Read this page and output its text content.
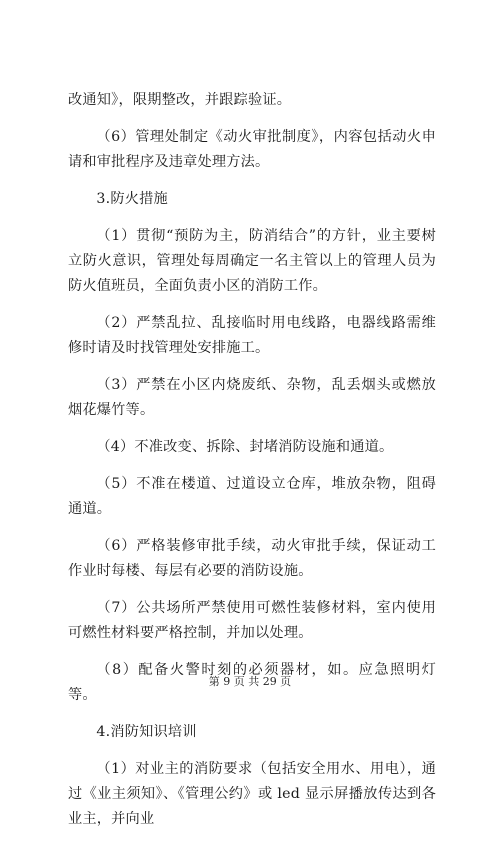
改通知》，限期整改，并跟踪验证。

（6）管理处制定《动火审批制度》，内容包括动火申请和审批程序及违章处理方法。

3.防火措施

（1）贯彻“预防为主，防消结合”的方针，业主要树立防火意识，管理处每周确定一名主管以上的管理人员为防火值班员，全面负责小区的消防工作。

（2）严禁乱拉、乱接临时用电线路，电器线路需维修时请及时找管理处安排施工。

（3）严禁在小区内烧废纸、杂物，乱丢烟头或燃放烟花爆竹等。

（4）不准改变、拆除、封堵消防设施和通道。

（5）不准在楼道、过道设立仓库，堆放杂物，阻碍通道。

（6）严格装修审批手续，动火审批手续，保证动工作业时每楼、每层有必要的消防设施。

（7）公共场所严禁使用可燃性装修材料，室内使用可燃性材料要严格控制，并加以处理。

（8）配备火警时刻的必须器材，如。应急照明灯等。

4.消防知识培训

（1）对业主的消防要求（包括安全用水、用电），通过《业主须知》、《管理公约》或 led 显示屏播放传达到各业主，并向业

第 9 页 共 29 页
